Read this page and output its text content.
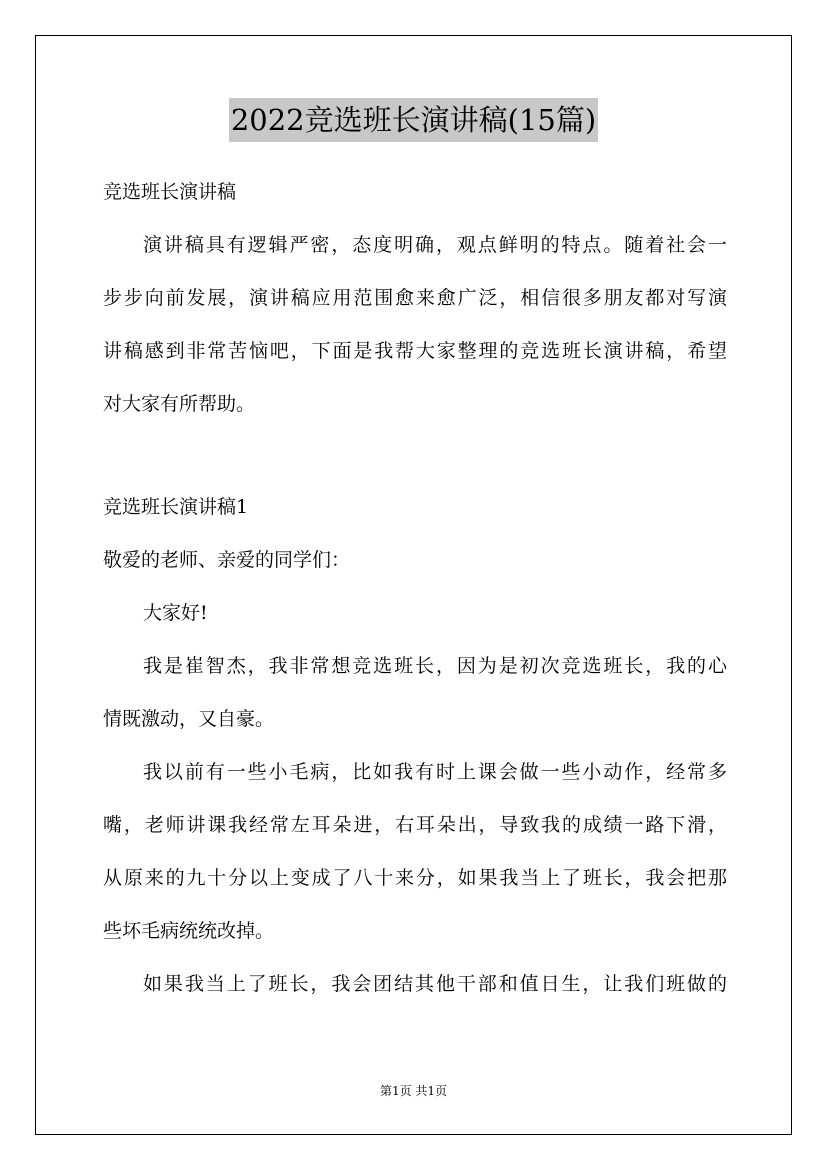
2022竞选班长演讲稿(15篇)
竞选班长演讲稿
演讲稿具有逻辑严密，态度明确，观点鲜明的特点。随着社会一
步步向前发展，演讲稿应用范围愈来愈广泛，相信很多朋友都对写演
讲稿感到非常苦恼吧，下面是我帮大家整理的竞选班长演讲稿，希望
对大家有所帮助。
竞选班长演讲稿1
敬爱的老师、亲爱的同学们：
大家好!
我是崔智杰，我非常想竞选班长，因为是初次竞选班长，我的心
情既激动，又自豪。
我以前有一些小毛病，比如我有时上课会做一些小动作，经常多
嘴，老师讲课我经常左耳朵进，右耳朵出，导致我的成绩一路下滑，
从原来的九十分以上变成了八十来分，如果我当上了班长，我会把那
些坏毛病统统改掉。
如果我当上了班长，我会团结其他干部和值日生，让我们班做的
第1页 共1页
